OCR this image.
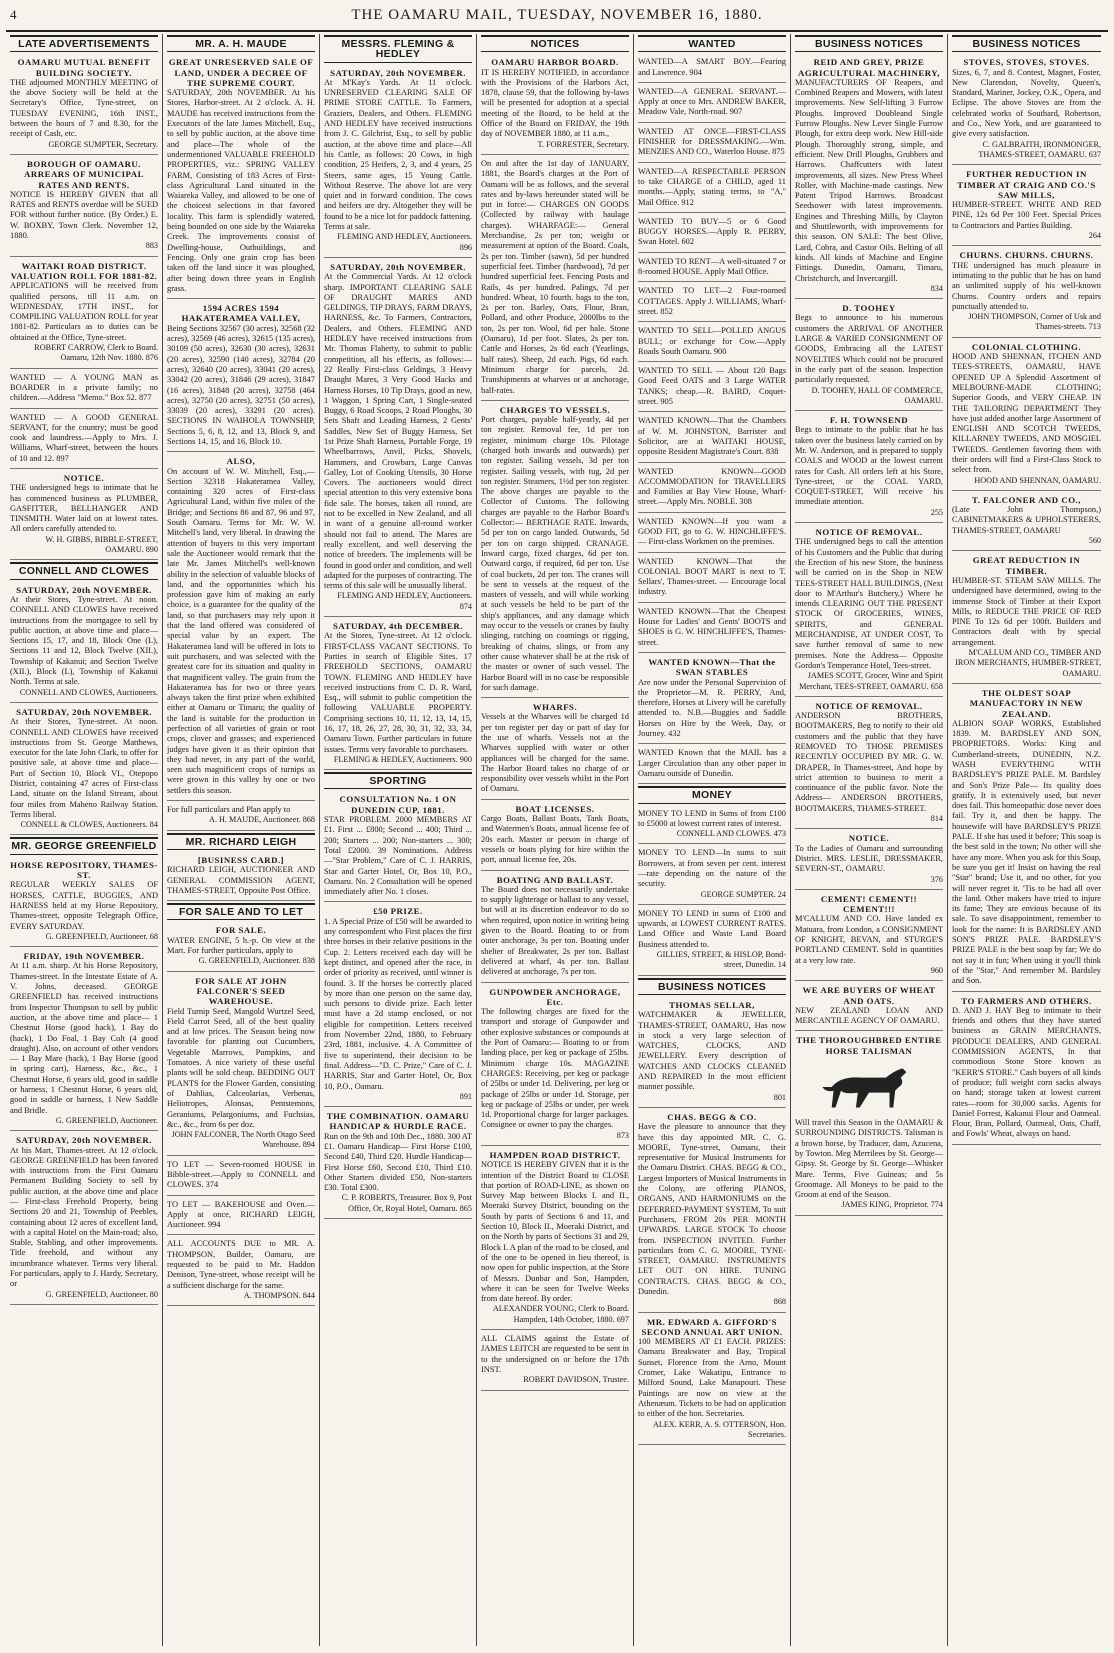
4	THE OAMARU MAIL, TUESDAY, NOVEMBER 16, 1880.
LATE ADVERTISEMENTS
OAMARU MUTUAL BENEFIT BUILDING SOCIETY.
THE adjourned MONTHLY MEETING of the above Society will be held at the Secretary's Office, Tyne-street, on TUESDAY EVENING, 16th INST., between the hours of 7 and 8.30, for the receipt of Cash, etc.
GEORGE SUMPTER, Secretary.
BOROUGH OF OAMARU. ARREARS OF MUNICIPAL RATES AND RENTS.
NOTICE IS HEREBY GIVEN that all RATES and RENTS overdue will be SUED FOR without further notice. (By Order.) E. W. BOXBY, Town Clerk. November 12, 1880.
883
WAITAKI ROAD DISTRICT. VALUATION ROLL FOR 1881-82.
APPLICATIONS will be received from qualified persons, till 11 a.m. on WEDNESDAY, 17TH INST., for COMPILING VALUATION ROLL for year 1881-82. Particulars as to duties can be obtained at the Office, Tyne-street.
ROBERT CARROW, Clerk to Board. Oamaru, 12th Nov. 1880. 876
WANTED — A YOUNG MAN as BOARDER in a private family; no children.—Address "Memo." Box 52. 877
WANTED — A GOOD GENERAL SERVANT, for the country; must be good cook and laundress.—Apply to Mrs. J. Williams, Wharf-street, between the hours of 10 and 12. 897
NOTICE.
THE undersigned begs to intimate that he has commenced business as PLUMBER, GASFITTER, BELLHANGER AND TINSMITH. Water laid on at lowest rates. All orders carefully attended to.
W. H. GIBBS, BIBBLE-STREET, OAMARU. 890
CONNELL AND CLOWES
SATURDAY, 20th NOVEMBER.
At their Stores, Tyne-street. At noon. CONNELL AND CLOWES have received instructions from the mortgagee to sell by public auction, at above time and place— Sections 15, 17, and 18, Block One (L), Sections 11 and 12, Block Twelve (XII.), Township of Kakanui; and Section Twelve (XII.), Block (L), Township of Kakanui North. Terms at sale.
CONNELL AND CLOWES, Auctioneers.
SATURDAY, 20th NOVEMBER.
At their Stores, Tyne-street. At noon. CONNELL AND CLOWES have received instructions from St. George Matthews, executor for the late John Clark, to offer for positive sale, at above time and place— Part of Section 10, Block VI., Otepopo District, containing 47 acres of First-class Land, situate on the Island Stream, about four miles from Maheno Railway Station. Terms liberal.
CONNELL & CLOWES, Auctioneers. 84
MR. GEORGE GREENFIELD
HORSE REPOSITORY, THAMES-ST.
REGULAR WEEKLY SALES OF HORSES, CATTLE, BUGGIES, AND HARNESS held at my Horse Repository, Thames-street, opposite Telegraph Office, EVERY SATURDAY.
G. GREENFIELD, Auctioneer. 68
FRIDAY, 19th NOVEMBER.
At 11 a.m. sharp. At his Horse Repository, Thames-street. In the Intestate Estate of A. V. Johns, deceased. GEORGE GREENFIELD has received instructions from Inspector Thompson to sell by public auction, at the above time and place— 1 Chestnut Horse (good hack), 1 Bay do (hack), 1 Do Foal, 1 Bay Colt (4 good draught). Also, on account of other vendors— 1 Bay Mare (hack), 1 Bay Horse (good in spring cart), Harness, &c., &c., 1 Chestnut Horse, 6 years old, good in saddle or harness, 1 Chestnut Horse, 6 years old, good in saddle or harness, 1 New Saddle and Bridle.
G. GREENFIELD, Auctioneer.
SATURDAY, 20th NOVEMBER.
At his Mart, Thames-street. At 12 o'clock. GEORGE GREENFIELD has been favored with instructions from the First Oamaru Permanent Building Society to sell by public auction, at the above time and place— First-class Freehold Property, being Sections 20 and 21, Township of Peebles, containing about 12 acres of excellent land, with a capital Hotel on the Main-road; also, Stable, Stabling, and other improvements. Title freehold, and without any incumbrance whatever. Terms very liberal. For particulars, apply to J. Hardy, Secretary, or
G. GREENFIELD, Auctioneer. 80
MR. A. H. MAUDE
GREAT UNRESERVED SALE OF LAND, UNDER A DECREE OF THE SUPREME COURT.
SATURDAY, 20th NOVEMBER. At his Stores, Harbor-street. At 2 o'clock. A. H. MAUDE has received instructions from the Executors of the late James Mitchell, Esq., to sell by public auction, at the above time and place—The whole of the undermentioned VALUABLE FREEHOLD PROPERTIES, viz.: SPRING VALLEY FARM, Consisting of 183 Acres of First-class Agricultural Land situated in the Waiareka Valley, and allowed to be one of the choicest selections in that favored locality. This farm is splendidly watered, being bounded on one side by the Waiareka Creek. The improvements consist of Dwelling-house, Outbuildings, and Fencing. Only one grain crop has been taken off the land since it was ploughed, after being down three years in English grass.
1594 ACRES 1594 HAKATERAMEA VALLEY,
Being Sections 32567 (30 acres), 32568 (32 acres), 32569 (46 acres), 32615 (135 acres), 30109 (50 acres), 32630 (30 acres), 32631 (20 acres), 32590 (140 acres), 32784 (20 acres), 32640 (20 acres), 33041 (20 acres), 33042 (20 acres), 31846 (29 acres), 31847 (16 acres), 31848 (20 acres), 32758 (464 acres), 32750 (20 acres), 32751 (50 acres), 33039 (20 acres), 33291 (20 acres). SECTIONS IN WAIHOLA TOWNSHIP, Sections 5, 6, 8, 12, and 13, Block 9, and Sections 14, 15, and 16, Block 10.
ALSO,
On account of W. W. Mitchell, Esq.,— Section 32318 Hakateramea Valley, containing 320 acres of First-class Agricultural Land, within five miles of the Bridge; and Sections 86 and 87, 96 and 97, South Oamaru. Terms for Mr. W. W. Mitchell's land, very liberal. In drawing the attention of buyers to this very important sale the Auctioneer would remark that the late Mr. James Mitchell's well-known ability in the selection of valuable blocks of land, and the opportunities which his profession gave him of making an early choice, is a guarantee for the quality of the land, so that purchasers may rely upon it that the land offered was considered of special value by an expert. The Hakateramea land will be offered in lots to suit purchasers, and was selected with the greatest care for its situation and quality in that magnificent valley. The grain from the Hakateramea has for two or three years always taken the first prize when exhibited either at Oamaru or Timaru; the quality of the land is suitable for the production in perfection of all varieties of grain or root crops, clover and grasses; and experienced judges have given it as their opinion that they had never, in any part of the world, seen such magnificent crops of turnips as were grown in this valley by one or two settlers this season.
For full particulars and Plan apply to
A. H. MAUDE, Auctioneer. 868
MR. RICHARD LEIGH
[BUSINESS CARD.]
RICHARD LEIGH, AUCTIONEER AND GENERAL COMMISSION AGENT, THAMES-STREET, Opposite Post Office.
FOR SALE AND TO LET
FOR SALE.
WATER ENGINE, 5 h.-p. On view at the Mart. For further particulars, apply to
G. GREENFIELD, Auctioneer. 838
FOR SALE AT JOHN FALCONER'S SEED WAREHOUSE.
Field Turnip Seed, Mangold Wurtzel Seed, Field Carrot Seed, all of the best quality and at low prices. The Season being now favorable for planting out Cucumbers, Vegetable Marrows, Pumpkins, and Tomatoes. A nice variety of these useful plants will be sold cheap. BEDDING OUT PLANTS for the Flower Garden, consisting of Dahlias, Calceolarias, Verbenas, Heliotropes, Alonsas, Pentstemons, Geraniums, Pelargoniums, and Fuchsias, &c., &c., from 6s per doz.
JOHN FALCONER, The North Otago Seed Warehouse. 894
TO LET — Seven-roomed HOUSE in Bibble-street.—Apply to CONNELL and CLOWES. 374
TO LET — BAKEHOUSE and Oven.—Apply at once, RICHARD LEIGH, Auctioneer. 994
ALL ACCOUNTS DUE to MR. A. THOMPSON, Builder, Oamaru, are requested to be paid to Mr. Haddon Denison, Tyne-street, whose receipt will be a sufficient discharge for the same.
A. THOMPSON. 844
MESSRS. FLEMING & HEDLEY
SATURDAY, 20th NOVEMBER.
At M'Kay's Yards. At 11 o'clock. UNRESERVED CLEARING SALE OF PRIME STORE CATTLE. To Farmers, Graziers, Dealers, and Others. FLEMING AND HEDLEY have received instructions from J. C. Gilchrist, Esq., to sell by public auction, at the above time and place—All his Cattle, as follows: 20 Cows, in high condition, 25 Heifers, 2, 3, and 4 years, 25 Steers, same ages, 15 Young Cattle. Without Reserve. The above lot are very quiet and in forward condition. The cows and heifers are dry. Altogether they will be found to be a nice lot for paddock fattening. Terms at sale.
FLEMING AND HEDLEY, Auctioneers. 896
SATURDAY, 20th NOVEMBER.
At the Commercial Yards. At 12 o'clock sharp. IMPORTANT CLEARING SALE OF DRAUGHT MARES AND GELDINGS, TIP DRAYS, FARM DRAYS, HARNESS, &c. To Farmers, Contractors, Dealers, and Others. FLEMING AND HEDLEY have received instructions from Mr. Thomas Flaherty, to submit to public competition, all his effects, as follows:— 22 Really First-class Geldings, 3 Heavy Draught Mares, 3 Very Good Hacks and Harness Horses, 10 Tip Drays, good as new, 1 Waggon, 1 Spring Cart, 1 Single-seated Buggy, 6 Road Scoops, 2 Road Ploughs, 30 Sets Shaft and Leading Harness, 2 Gents' Saddles, New Set of Buggy Harness, Set 1st Prize Shaft Harness, Portable Forge, 19 Wheelbarrows, Anvil, Picks, Shovels, Hammers, and Crowbars, Large Canvas Galley, Lot of Cooking Utensils, 30 Horse Covers. The auctioneers would direct special attention to this very extensive bona fide sale. The horses, taken all round, are not to be excelled in New Zealand, and all in want of a genuine all-round worker should not fail to attend. The Mares are really excellent, and well deserving the notice of breeders. The implements will be found in good order and condition, and well adapted for the purposes of contracting. The terms of this sale will be unusually liberal.
FLEMING AND HEDLEY, Auctioneers. 874
SATURDAY, 4th DECEMBER.
At the Stores, Tyne-street. At 12 o'clock. FIRST-CLASS VACANT SECTIONS. To Parties in search of Eligible Sites. 17 FREEHOLD SECTIONS, OAMARU TOWN. FLEMING AND HEDLEY have received instructions from C. D. R. Ward, Esq., will submit to public competition the following VALUABLE PROPERTY. Comprising sections 10, 11, 12, 13, 14, 15, 16, 17, 18, 26, 27, 28, 30, 31, 32, 33, 34, Oamaru Town. Further particulars in future issues. Terms very favorable to purchasers.
FLEMING & HEDLEY, Auctioneers. 900
SPORTING
CONSULTATION No. 1 ON DUNEDIN CUP, 1881.
STAR PROBLEM. 2000 MEMBERS AT £1. First ... £800; Second ... 400; Third ... 200; Starters ... 200; Non-starters ... 300; Total £2000. 39 Nominations. Address—"Star Problem," Care of C. J. HARRIS, Star and Garter Hotel, Or, Box 10, P.O., Oamaru. No. 2 Consultation will be opened immediately after No. 1 closes.
£50 PRIZE.
1. A Special Prize of £50 will be awarded to any correspondent who First places the first three horses in their relative positions in the Cup. 2. Letters received each day will be kept distinct, and opened after the race, in order of priority as received, until winner is found. 3. If the horses be correctly placed by more than one person on the same day, such persons to divide prize. Each letter must have a 2d stamp enclosed, or not eligible for competition. Letters received from November 22nd, 1880, to February 23rd, 1881, inclusive. 4. A Committee of five to superintend, their decision to be final. Address—"D. C. Prize," Care of C. J. HARRIS, Star and Garter Hotel, Or, Box 10, P.O., Oamaru.
891
THE COMBINATION. OAMARU HANDICAP & HURDLE RACE.
Run on the 9th and 10th Dec., 1880. 300 AT £1. Oamaru Handicap— First Horse £100, Second £40, Third £20. Hurdle Handicap— First Horse £60, Second £10, Third £10. Other Starters divided £50, Non-starters £30. Total £300.
C. P. ROBERTS, Treasurer. Box 9, Post Office, Or, Royal Hotel, Oamaru. 865
NOTICES
OAMARU HARBOR BOARD.
IT IS HEREBY NOTIFIED, in accordance with the Provisions of the Harbors Act, 1878, clause 59, that the following by-laws will be presented for adoption at a special meeting of the Board, to be held at the Office of the Board on FRIDAY, the 19th day of NOVEMBER 1880, at 11 a.m.,
T. FORRESTER, Secretary.
On and after the 1st day of JANUARY, 1881, the Board's charges at the Port of Oamaru will be as follows, and the several rates and by-laws hereunder stated will be put in force:— CHARGES ON GOODS (Collected by railway with haulage charges). WHARFAGE:— General Merchandise, 2s per ton; weight or measurement at option of the Board. Coals, 2s per ton. Timber (sawn), 5d per hundred superficial feet. Timber (hardwood), 7d per hundred superficial feet. Fencing Posts and Rails, 4s per hundred. Palings, 7d per hundred. Wheat, 10 fourth. bags to the ton, 2s per ton. Barley, Oats, Flour, Bran, Pollard, and other Produce, 2000lbs to the ton, 2s per ton. Wool, 6d per bale. Stone (Oamaru), 1d per foot. Slates, 2s per ton. Cattle and Horses, 2s 6d each (Yearlings, half rates). Sheep, 2d each. Pigs, 6d each. Minimum charge for parcels, 2d. Transhipments at wharves or at anchorage, half-rates.
CHARGES TO VESSELS.
Port charges, payable half-yearly, 4d per ton register. Removal fee, 1d per ton register, minimum charge 10s. Pilotage (charged both inwards and outwards) per ton register. Sailing vessels, 3d per ton register. Sailing vessels, with tug, 2d per ton register. Steamers, 1½d per ton register. The above charges are payable to the Collector of Customs. The following charges are payable to the Harbor Board's Collector:— BERTHAGE RATE. Inwards, 5d per ton on cargo landed. Outwards, 5d per ton on cargo shipped. CRANAGE. Inward cargo, fixed charges, 6d per ton. Outward cargo, if required, 6d per ton. Use of coal buckets, 2d per ton. The cranes will be sent to vessels at the request of the masters of vessels, and will while working at such vessels be held to be part of the ship's appliances, and any damage which may occur to the vessels or cranes by faulty slinging, ratching on coamings or rigging, breaking of chains, slings, or from any other cause whatever shall be at the risk of the master or owner of such vessel. The Harbor Board will in no case be responsible for such damage.
WHARFS.
Vessels at the Wharves will be charged 1d per ton register per day or part of day for the use of wharfs. Vessels not at the Wharves supplied with water or other appliances will be charged for the same. The Harbor Board takes no charge of or responsibility over vessels whilst in the Port of Oamaru.
BOAT LICENSES.
Cargo Boats, Ballast Boats, Tank Boats, and Watermen's Boats, annual license fee of 20s each. Master or person in charge of vessels or boats plying for hire within the port, annual license fee, 20s.
BOATING AND BALLAST.
The Board does not necessarily undertake to supply lighterage or ballast to any vessel, but will at its discretion endeavor to do so when required, upon notice in writing being given to the Board. Boating to or from outer anchorage, 3s per ton. Boating under shelter of Breakwater, 2s per ton. Ballast delivered at wharf, 4s per ton. Ballast delivered at anchorage, 7s per ton.
GUNPOWDER ANCHORAGE, Etc.
The following charges are fixed for the transport and storage of Gunpowder and other explosive substances or compounds at the Port of Oamaru:— Boating to or from landing place, per keg or package of 25lbs. Minimum charge 10s. MAGAZINE CHARGES: Receiving, per keg or package of 25lbs or under 1d. Delivering, per keg or package of 25lbs or under 1d. Storage, per keg or package of 25lbs or under, per week 1d. Proportional charge for larger packages. Consignee or owner to pay the charges.
873
HAMPDEN ROAD DISTRICT.
NOTICE IS HEREBY GIVEN that it is the intention of the District Board to CLOSE that portion of ROAD-LINE, as shown on Survey Map between Blocks I. and II., Moeraki Survey District, bounding on the South by parts of Sections 6 and 11, and Section 10, Block II., Moeraki District, and on the North by parts of Sections 31 and 29, Block I. A plan of the road to be closed, and of the one to be opened in lieu thereof, is now open for public inspection, at the Store of Messrs. Dunbar and Son, Hampden, where it can be seen for Twelve Weeks from date hereof. By order.
ALEXANDER YOUNG, Clerk to Board. Hampden, 14th October, 1880. 697
ALL CLAIMS against the Estate of JAMES LEITCH are requested to be sent in to the undersigned on or before the 17th INST.
ROBERT DAVIDSON, Trustee.
WANTED
WANTED—A SMART BOY.—Fearing and Lawrence. 904
WANTED—A GENERAL SERVANT.—Apply at once to Mrs. ANDREW BAKER, Meadow Vale, North-road. 907
WANTED AT ONCE—FIRST-CLASS FINISHER for DRESSMAKING.—Wm. MENZIES AND CO., Waterloo House. 875
WANTED—A RESPECTABLE PERSON to take CHARGE of a CHILD, aged 11 months.—Apply, stating terms, to "A," Mail Office. 912
WANTED TO BUY—5 or 6 Good BUGGY HORSES.—Apply R. PERRY, Swan Hotel. 602
WANTED TO RENT—A well-situated 7 or 8-roomed HOUSE. Apply Mail Office.
WANTED TO LET—2 Four-roomed COTTAGES. Apply J. WILLIAMS, Wharf-street. 852
WANTED TO SELL—POLLED ANGUS BULL; or exchange for Cow.—Apply Roads South Oamaru. 900
WANTED TO SELL — About 120 Bags Good Feed OATS and 3 Large WATER TANKS; cheap.—R. BAIRD, Coquet-street. 905
WANTED KNOWN—That the Chambers of W. M. JOHNSTON, Barrister and Solicitor, are at WAITAKI HOUSE, opposite Resident Magistrate's Court. 838
WANTED KNOWN—GOOD ACCOMMODATION for TRAVELLERS and Families at Bay View House, Wharf-street.—Apply Mrs. NOBLE. 308
WANTED KNOWN—If you want a GOOD FIT, go to G. W. HINCHLIFFE'S. — First-class Workmen on the premises.
WANTED KNOWN—That the COLONIAL BOOT MART is next to T. Sellars', Thames-street. — Encourage local industry.
WANTED KNOWN—That the Cheapest House for Ladies' and Gents' BOOTS and SHOES is G. W. HINCHLIFFE'S, Thames-street.
WANTED KNOWN—That the SWAN STABLES
Are now under the Personal Supervision of the Proprietor—M. R. PERRY, And, therefore, Horses at Livery will be carefully attended to. N.B.—Buggies and Saddle Horses on Hire by the Week, Day, or Journey. 432
WANTED Known that the MAIL has a Larger Circulation than any other paper in Oamaru outside of Dunedin.
MONEY
MONEY TO LEND in Sums of from £100 to £5000 at lowest current rates of interest.
CONNELL AND CLOWES. 473
MONEY TO LEND—In sums to suit Borrowers, at from seven per cent. interest—rate depending on the nature of the security.
GEORGE SUMPTER. 24
MONEY TO LEND in sums of £100 and upwards, at LOWEST CURRENT RATES. Land Office and Waste Land Board Business attended to.
GILLIES, STREET, & HISLOP, Bond-street, Dunedin. 14
BUSINESS NOTICES
THOMAS SELLAR,
WATCHMAKER & JEWELLER, THAMES-STREET, OAMARU, Has now in stock a very large selection of WATCHES, CLOCKS, AND JEWELLERY. Every description of WATCHES AND CLOCKS CLEANED AND REPAIRED In the most efficient manner possible.
801
CHAS. BEGG & CO.
Have the pleasure to announce that they have this day appointed MR. C. G. MOORE, Tyne-street, Oamaru, their representative for Musical Instruments for the Oamaru District. CHAS. BEGG & CO., Largest Importers of Musical Instruments in the Colony, are offering PIANOS, ORGANS, AND HARMONIUMS on the DEFERRED-PAYMENT SYSTEM, To suit Purchasers, FROM 20s PER MONTH UPWARDS. LARGE STOCK To choose from. INSPECTION INVITED. Further particulars from C. G. MOORE, TYNE-STREET, OAMARU. INSTRUMENTS LET OUT ON HIRE. TUNING CONTRACTS. CHAS. BEGG & CO., Dunedin.
868
MR. EDWARD A. GIFFORD'S SECOND ANNUAL ART UNION.
100 MEMBERS AT £1 EACH. PRIZES: Oamaru Breakwater and Bay, Tropical Sunset, Florence from the Arno, Mount Cromer, Lake Wakatipu, Entrance to Milford Sound, Lake Manapouri. These Paintings are now on view at the Athenæum. Tickets to be had on application to either of the hon. Secretaries.
ALEX. KERR, A. S. OTTERSON, Hon. Secretaries.
BUSINESS NOTICES
REID AND GREY, PRIZE AGRICULTURAL MACHINERY,
MANUFACTURERS OF Reapers, and Combined Reapers and Mowers, with latest improvements. New Self-lifting 3 Furrow Ploughs. Improved Doubleand Single Furrow Ploughs. New Lever Single Furrow Plough, for extra deep work. New Hill-side Plough. Thoroughly strong, simple, and efficient. New Drill Ploughs, Grubbers and Harrows. Chaffcutters with latest improvements, all sizes. New Press Wheel Roller, with Machine-made castings. New Patent Tripod Harrows. Broadcast Seedsower with latest improvements. Engines and Threshing Mills, by Clayton and Shuttleworth, with improvements for this season. ON SALE: The best Olive, Lard, Cobra, and Castor Oils. Belting of all kinds. All kinds of Machine and Engine Fittings. Dunedin, Oamaru, Timaru, Christchurch, and Invercargill.
834
D. TOOHEY
Begs to announce to his numerous customers the ARRIVAL OF ANOTHER LARGE & VARIED CONSIGNMENT OF GOODS, Embracing all the LATEST NOVELTIES Which could not be procured in the early part of the season. Inspection particularly requested.
D. TOOHEY, HALL OF COMMERCE, OAMARU.
F. H. TOWNSEND
Begs to intimate to the public that he has taken over the business lately carried on by Mr. W. Anderson, and is prepared to supply COALS and WOOD at the lowest current rates for Cash. All orders left at his Store, Tyne-street, or the COAL YARD, COQUET-STREET, Will receive his immediate attention.
255
NOTICE OF REMOVAL.
THE undersigned begs to call the attention of his Customers and the Public that during the Erection of his new Store, the business will be carried on in the Shop in NEW TEES-STREET HALL BUILDINGS, (Next door to M'Arthur's Butchery,) Where he intends CLEARING OUT THE PRESENT STOCK Of GROCERIES, WINES, SPIRITS, and GENERAL MERCHANDISE, AT UNDER COST, To save further removal of same to new premises. Note the Address— Opposite Gordon's Temperance Hotel, Tees-street.
JAMES SCOTT, Grocer, Wine and Spirit Merchant, TEES-STREET, OAMARU. 658
NOTICE OF REMOVAL.
ANDERSON BROTHERS, BOOTMAKERS, Beg to notify to their old customers and the public that they have REMOVED TO THOSE PREMISES RECENTLY OCCUPIED BY MR. G. W. DRAPER, In Thames-street, And hope by strict attention to business to merit a continuance of the public favor. Note the Address— ANDERSON BROTHERS, BOOTMAKERS, THAMES-STREET.
814
NOTICE.
To the Ladies of Oamaru and surrounding District. MRS. LESLIE, DRESSMAKER, SEVERN-ST., OAMARU.
376
CEMENT! CEMENT!! CEMENT!!!
M'CALLUM AND CO. Have landed ex Matuara, from London, a CONSIGNMENT OF KNIGHT, BEVAN, and STURGE'S PORTLAND CEMENT. Sold in quantities at a very low rate.
960
WE ARE BUYERS OF WHEAT AND OATS.
NEW ZEALAND LOAN AND MERCANTILE AGENCY OF OAMARU.
THE THOROUGHBRED ENTIRE HORSE TALISMAN
Will travel this Season in the OAMARU & SURROUNDING DISTRICTS. Talisman is a brown horse, by Traducer, dam, Azucena, by Towton. Meg Merrilees by St. George—Gipsy. St. George by St. George—Whisker Mare. Terms, Five Guineas; and 5s Groomage. All Moneys to be paid to the Groom at end of the Season.
JAMES KING, Proprietor. 774
BUSINESS NOTICES
STOVES, STOVES, STOVES.
Sizes, 6, 7, and 8. Contest, Magnet, Foster, New Clarendon, Novelty, Queen's, Standard, Mariner, Jockey, O.K., Opera, and Eclipse. The above Stoves are from the celebrated works of Southard, Robertson, and Co., New York, and are guaranteed to give every satisfaction.
C. GALBRAITH, IRONMONGER, THAMES-STREET, OAMARU. 637
FURTHER REDUCTION IN TIMBER AT CRAIG AND CO.'S SAW MILLS,
HUMBER-STREET. WHITE AND RED PINE, 12s 6d Per 100 Feet. Special Prices to Contractors and Parties Building.
264
CHURNS. CHURNS. CHURNS.
THE undersigned has much pleasure in intimating to the public that he has on hand an unlimited supply of his well-known Churns. Country orders and repairs punctually attended to.
JOHN THOMPSON, Corner of Usk and Thames-streets. 713
COLONIAL CLOTHING.
HOOD AND SHENNAN, ITCHEN AND TEES-STREETS, OAMARU, HAVE OPENED UP A Splendid Assortment of MELBOURNE-MADE CLOTHING; Superior Goods, and VERY CHEAP. IN THE TAILORING DEPARTMENT They have just added another large Assortment of ENGLISH AND SCOTCH TWEEDS, KILLARNEY TWEEDS, AND MOSGIEL TWEEDS. Gentlemen favoring them with their orders will find a First-Class Stock to select from.
HOOD AND SHENNAN, OAMARU.
T. FALCONER AND CO.,
(Late John Thompson,) CABINETMAKERS & UPHOLSTERERS, THAMES-STREET, OAMARU
560
GREAT REDUCTION IN TIMBER.
HUMBER-ST. STEAM SAW MILLS. The undersigned have determined, owing to the immense Stock of Timber at their Export Mills, to REDUCE THE PRICE OF RED PINE To 12s 6d per 100ft. Builders and Contractors dealt with by special arrangement.
M'CALLUM AND CO., TIMBER AND IRON MERCHANTS, HUMBER-STREET, OAMARU.
THE OLDEST SOAP MANUFACTORY IN NEW ZEALAND.
ALBION SOAP WORKS, Established 1839. M. BARDSLEY AND SON, PROPRIETORS. Works: King and Cumberland-streets, DUNEDIN, N.Z. WASH EVERYTHING WITH BARDSLEY'S PRIZE PALE. M. Bardsley and Son's Prize Pale— Its quality does gratify, It is extensively used, but never does fail. This homeopathic dose never does fail. Try it, and then be happy. The housewife will have BARDSLEY'S PRIZE PALE. If she has used it before; This soap is the best sold in the town; No other will she have any more. When you ask for this Soap, be sure you get it! Insist on having the real "Star" brand; Use it, and no other, for you will never regret it. 'Tis to be had all over the land. Other makers have tried to injure its fame; They are envious because of its sale. To save disappointment, remember to look for the name: It is BARDSLEY AND SON'S PRIZE PALE. BARDSLEY'S PRIZE PALE is the best soap by far; We do not say it in fun; When using it you'll think of the "Star," And remember M. Bardsley and Son.
TO FARMERS AND OTHERS.
D. AND J. HAY Beg to intimate to their friends and others that they have started business as GRAIN MERCHANTS, PRODUCE DEALERS, AND GENERAL COMMISSION AGENTS, In that commodious Stone Store known as "KERR'S STORE." Cash buyers of all kinds of produce; full weight corn sacks always on hand; storage taken at lowest current rates—room for 30,000 sacks. Agents for Daniel Forrest, Kakanui Flour and Oatmeal. Flour, Bran, Pollard, Oatmeal, Oats, Chaff, and Fowls' Wheat, always on hand.
